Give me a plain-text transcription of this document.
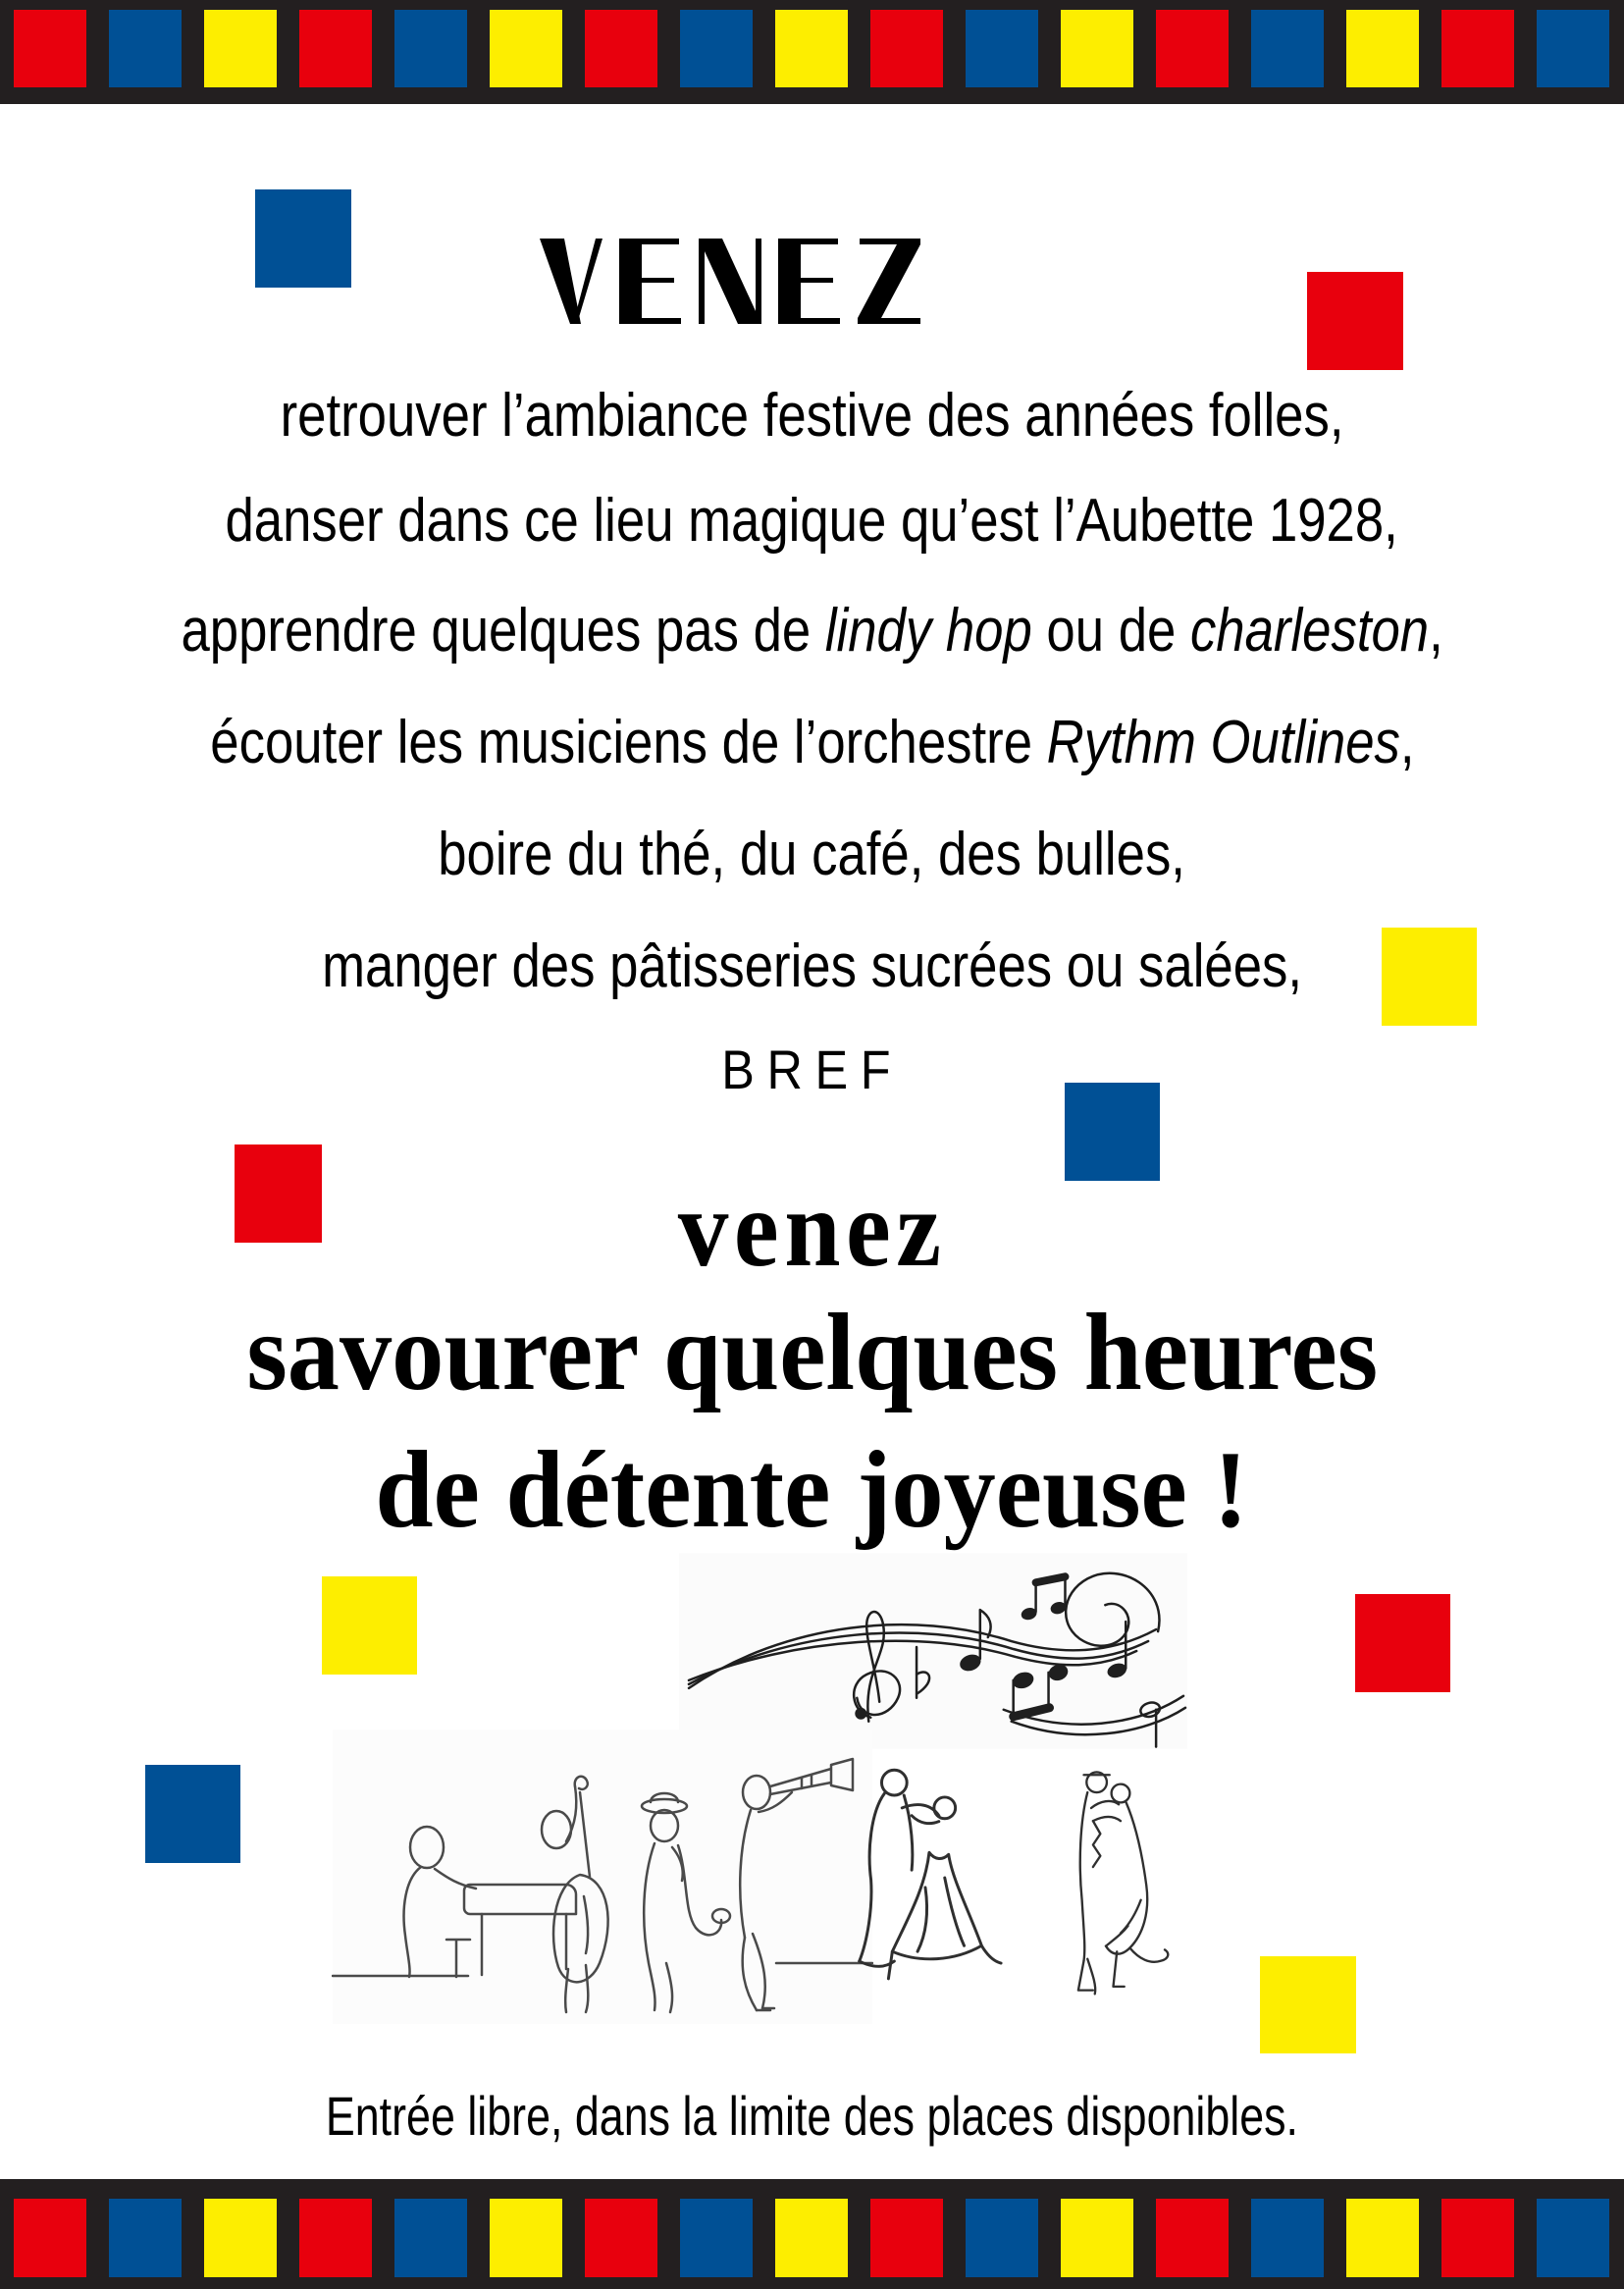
retrouver l’ambiance festive des années folles,
danser dans ce lieu magique qu’est l’Aubette 1928,
apprendre quelques pas de lindy hop ou de charleston,
écouter les musiciens de l’orchestre Rythm Outlines,
boire du thé, du café, des bulles,
manger des pâtisseries sucrées ou salées,
BREF
venez
savourer quelques heures
de détente joyeuse !
Entrée libre, dans la limite des places disponibles.
